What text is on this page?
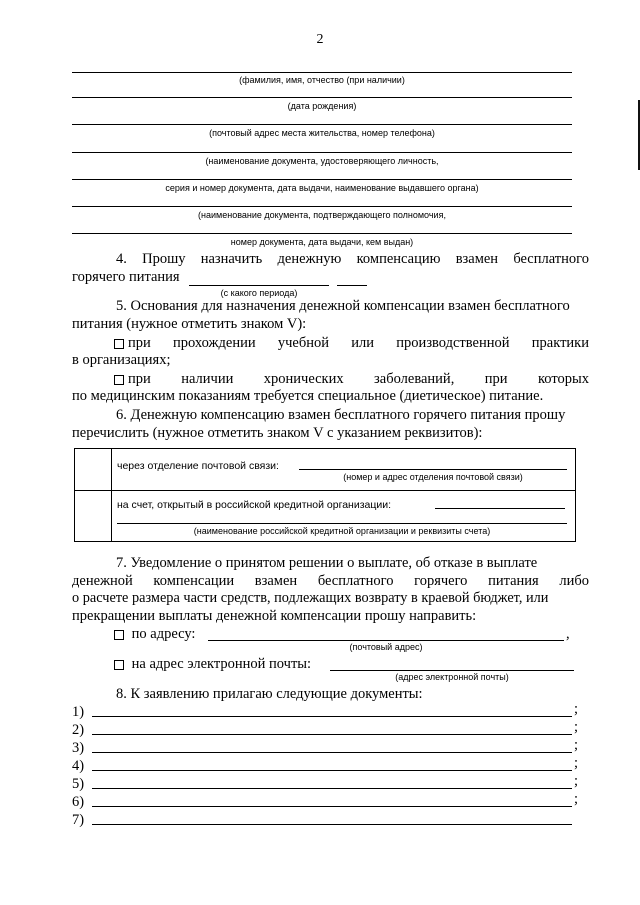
2
(фамилия, имя, отчество (при наличии)
(дата рождения)
(почтовый адрес места жительства, номер телефона)
(наименование документа, удостоверяющего личность,
серия и номер документа, дата выдачи, наименование выдавшего органа)
(наименование документа, подтверждающего полномочия,
номер документа, дата выдачи, кем выдан)
4. Прошу назначить денежную компенсацию взамен бесплатного
горячего питания
(с какого периода)
5. Основания для назначения денежной компенсации взамен бесплатного
питания (нужное отметить знаком V):
при прохождении учебной или производственной практики
в организациях;
при наличии хронических заболеваний, при которых
по медицинским показаниям требуется специальное (диетическое) питание.
6. Денежную компенсацию взамен бесплатного горячего питания прошу
перечислить (нужное отметить знаком V с указанием реквизитов):
через отделение почтовой связи:
(номер и адрес отделения почтовой связи)
на счет, открытый в российской кредитной организации:
(наименование российской кредитной организации и реквизиты счета)
7. Уведомление о принятом решении о выплате, об отказе в выплате
денежной компенсации взамен бесплатного горячего питания либо
о расчете размера части средств, подлежащих возврату в краевой бюджет, или
прекращении выплаты денежной компенсации прошу направить:
по адресу:	,
(почтовый адрес)
на адрес электронной почты:
(адрес электронной почты)
8. К заявлению прилагаю следующие документы:
1)	;
2)	;
3)	;
4)	;
5)	;
6)	;
7)
